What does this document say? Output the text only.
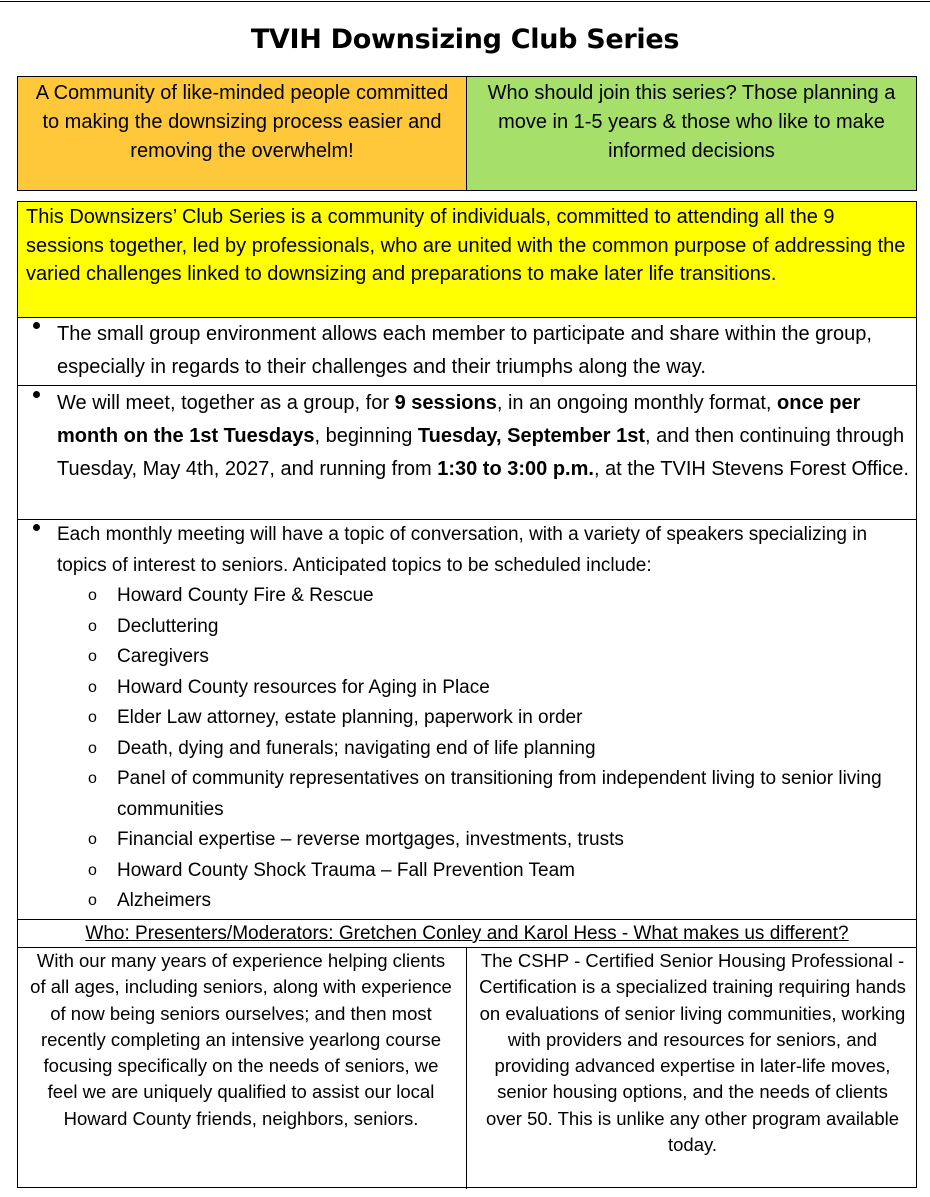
TVIH Downsizing Club Series
A Community of like-minded people committed to making the downsizing process easier and removing the overwhelm!
Who should join this series? Those planning a move in 1-5 years & those who like to make informed decisions
This Downsizers’ Club Series is a community of individuals, committed to attending all the 9 sessions together, led by professionals, who are united with the common purpose of addressing the varied challenges linked to downsizing and preparations to make later life transitions.
The small group environment allows each member to participate and share within the group, especially in regards to their challenges and their triumphs along the way.
We will meet, together as a group, for 9 sessions, in an ongoing monthly format, once per month on the 1st Tuesdays, beginning Tuesday, September 1st, and then continuing through Tuesday, May 4th, 2027, and running from 1:30 to 3:00 p.m., at the TVIH Stevens Forest Office.
Each monthly meeting will have a topic of conversation, with a variety of speakers specializing in topics of interest to seniors. Anticipated topics to be scheduled include:
o Howard County Fire & Rescue
o Decluttering
o Caregivers
o Howard County resources for Aging in Place
o Elder Law attorney, estate planning, paperwork in order
o Death, dying and funerals; navigating end of life planning
o Panel of community representatives on transitioning from independent living to senior living communities
o Financial expertise – reverse mortgages, investments, trusts
o Howard County Shock Trauma – Fall Prevention Team
o Alzheimers
Who: Presenters/Moderators: Gretchen Conley and Karol Hess - What makes us different?
With our many years of experience helping clients of all ages, including seniors, along with experience of now being seniors ourselves; and then most recently completing an intensive yearlong course focusing specifically on the needs of seniors, we feel we are uniquely qualified to assist our local Howard County friends, neighbors, seniors.
The CSHP - Certified Senior Housing Professional - Certification is a specialized training requiring hands on evaluations of senior living communities, working with providers and resources for seniors, and providing advanced expertise in later-life moves, senior housing options, and the needs of clients over 50. This is unlike any other program available today.
